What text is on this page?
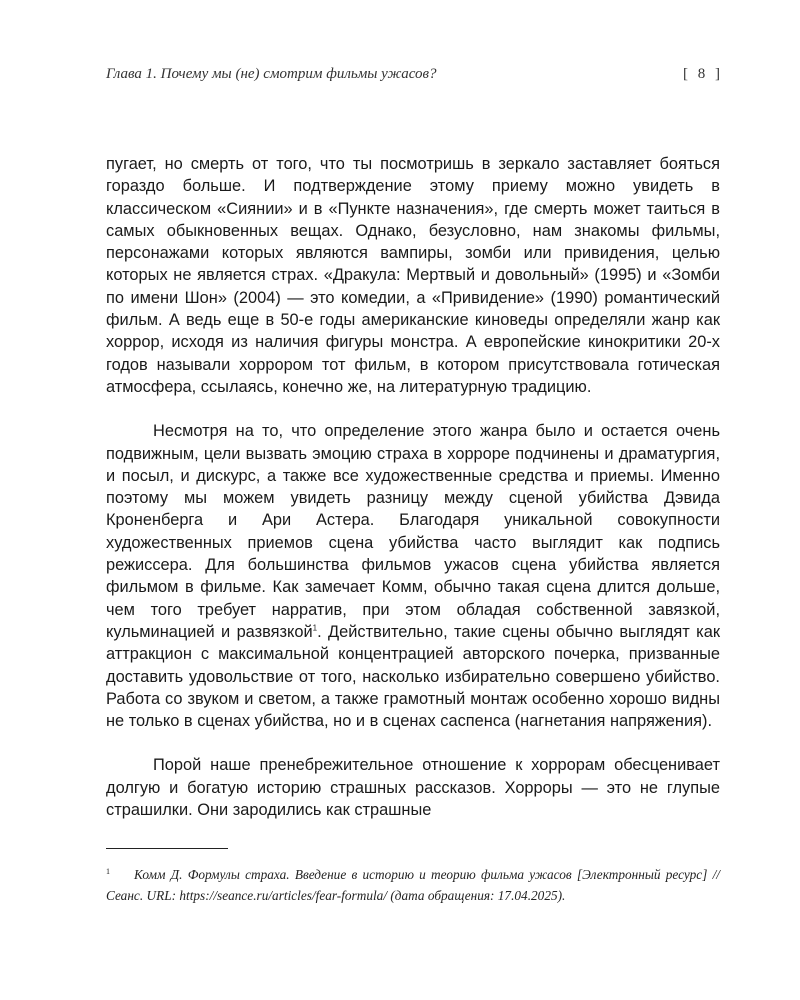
Глава 1. Почему мы (не) смотрим фильмы ужасов?	[ 8 ]

пугает, но смерть от того, что ты посмотришь в зеркало заставляет бояться гораздо больше. И подтверждение этому приему можно увидеть в классическом «Сиянии» и в «Пункте назначения», где смерть может таиться в самых обыкновенных вещах. Однако, безусловно, нам знакомы фильмы, персонажами которых являются вампиры, зомби или привидения, целью которых не является страх. «Дракула: Мертвый и довольный» (1995) и «Зомби по имени Шон» (2004) — это комедии, а «Привидение» (1990) романтический фильм. А ведь еще в 50-е годы американские киноведы определяли жанр как хоррор, исходя из наличия фигуры монстра. А европейские кинокритики 20-х годов называли хоррором тот фильм, в котором присутствовала готическая атмосфера, ссылаясь, конечно же, на литературную традицию.

Несмотря на то, что определение этого жанра было и остается очень подвижным, цели вызвать эмоцию страха в хорроре подчинены и драматургия, и посыл, и дискурс, а также все художественные средства и приемы. Именно поэтому мы можем увидеть разницу между сценой убийства Дэвида Кроненберга и Ари Астера. Благодаря уникальной совокупности художественных приемов сцена убийства часто выглядит как подпись режиссера. Для большинства фильмов ужасов сцена убийства является фильмом в фильме. Как замечает Комм, обычно такая сцена длится дольше, чем того требует нарратив, при этом обладая собственной завязкой, кульминацией и развязкой$^1$. Действительно, такие сцены обычно выглядят как аттракцион с максимальной концентрацией авторского почерка, призванные доставить удовольствие от того, насколько избирательно совершено убийство. Работа со звуком и светом, а также грамотный монтаж особенно хорошо видны не только в сценах убийства, но и в сценах саспенса (нагнетания напряжения).

Порой наше пренебрежительное отношение к хоррорам обесценивает долгую и богатую историю страшных рассказов. Хорроры — это не глупые страшилки. Они зародились как страшные

1 Комм Д. Формулы страха. Введение в историю и теорию фильма ужасов [Электронный ресурс] // Сеанс. URL: https://seance.ru/articles/fear-formula/ (дата обращения: 17.04.2025).
